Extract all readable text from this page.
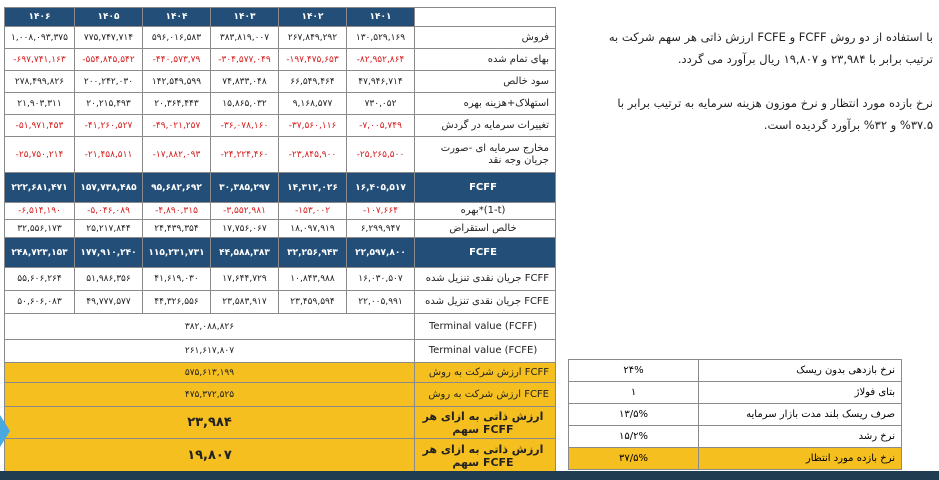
۱۴۰۶	۱۴۰۵	۱۴۰۴	۱۴۰۳	۱۴۰۲	۱۴۰۱	
۱,۰۰۸,۰۹۳,۳۷۵	۷۷۵,۷۴۷,۷۱۴	۵۹۶,۰۱۶,۵۸۳	۳۸۳,۸۱۹,۰۰۷	۲۶۷,۸۴۹,۲۹۲	۱۳۰,۵۲۹,۱۶۹	فروش
-۶۹۷,۷۴۱,۱۶۳	-۵۵۴,۸۴۵,۵۴۲	-۴۴۰,۵۷۳,۷۹	-۳۰۴,۵۷۷,۰۴۹	-۱۹۷,۴۷۵,۶۵۳	-۸۲,۹۵۲,۸۶۴	بهای تمام شده
۲۷۸,۴۹۹,۸۲۶	۲۰۰,۲۴۲,۰۳۰	۱۴۲,۵۴۹,۵۹۹	۷۴,۸۳۳,۰۴۸	۶۶,۵۴۹,۴۶۴	۴۷,۹۴۶,۷۱۴	سود خالص
۲۱,۹۰۳,۳۱۱	۲۰,۲۱۵,۴۹۳	۲۰,۳۶۴,۴۴۳	۱۵,۸۶۵,۰۳۲	۹,۱۶۸,۵۷۷	۷۳۰,۰۵۲	استهلاک+هزینه بهره
-۵۱,۹۷۱,۴۵۳	-۴۱,۲۶۰,۵۲۷	-۴۹,۰۲۱,۲۵۷	-۳۶,۰۷۸,۱۶۰	-۳۷,۵۶۰,۱۱۶	-۷,۰۰۵,۷۴۹	تغییرات سرمایه در گردش
-۲۵,۷۵۰,۲۱۴	-۲۱,۴۵۸,۵۱۱	-۱۷,۸۸۲,۰۹۳	-۲۴,۲۲۴,۴۶۰	-۲۳,۸۴۵,۹۰۰	-۲۵,۲۶۵,۵۰۰	مخارج سرمایه ای -صورت جریان وجه نقد
۲۲۲,۶۸۱,۴۷۱	۱۵۷,۷۳۸,۴۸۵	۹۵,۶۸۲,۶۹۲	۳۰,۳۸۵,۲۹۷	۱۴,۳۱۲,۰۲۶	۱۶,۴۰۵,۵۱۷	FCFF
-۶,۵۱۴,۱۹۰	-۵,۰۴۶,۰۸۹	-۴,۸۹۰,۳۱۵	-۳,۵۵۲,۹۸۱	-۱۵۳,۰۰۲	-۱۰۷,۶۶۴	بهره*(1-t)
۳۲,۵۵۶,۱۷۳	۲۵,۲۱۷,۸۴۴	۲۴,۴۳۹,۳۵۴	۱۷,۷۵۶,۰۶۷	۱۸,۰۹۷,۹۱۹	۶,۲۹۹,۹۴۷	خالص استقراض
۲۴۸,۷۲۳,۱۵۳	۱۷۷,۹۱۰,۲۴۰	۱۱۵,۲۳۱,۷۳۱	۴۴,۵۸۸,۳۸۳	۳۲,۲۵۶,۹۴۳	۲۲,۵۹۷,۸۰۰	FCFE
۵۵,۶۰۶,۲۶۴	۵۱,۹۸۶,۳۵۶	۴۱,۶۱۹,۰۳۰	۱۷,۶۴۴,۷۲۹	۱۰,۸۴۳,۹۸۸	۱۶,۰۳۰,۵۰۷	جریان نقدی تنزیل شده FCFF
۵۰,۶۰۶,۰۸۳	۴۹,۷۷۷,۵۷۷	۴۴,۳۲۶,۵۵۶	۲۳,۵۸۳,۹۱۷	۲۳,۴۵۹,۵۹۴	۲۲,۰۰۵,۹۹۱	جریان نقدی تنزیل شده FCFE
۳۸۲,۰۸۸,۸۲۶						Terminal value (FCFF)
۲۶۱,۶۱۷,۸۰۷						Terminal value (FCFE)
۵۷۵,۶۱۳,۱۹۹						ارزش شرکت به روش FCFF
۴۷۵,۳۷۲,۵۲۵						ارزش شرکت به روش FCFE
۲۳,۹۸۴						ارزش ذاتی به ازای هر سهم FCFF
۱۹,۸۰۷						ارزش ذاتی به ازای هر سهم FCFE

با استفاده از دو روش FCFF و FCFE ارزش ذاتی هر سهم شرکت به ترتیب برابر با ۲۳,۹۸۴ و ۱۹,۸۰۷ ریال برآورد می گردد.

نرخ بازده مورد انتظار و نرخ موزون هزینه سرمایه به ترتیب برابر با ۳۷.۵% و ۳۲% برآورد گردیده است.

۲۴%	نرخ بازدهی بدون ریسک
۱	بتای فولاژ
۱۳/۵%	صرف ریسک بلند مدت بازار سرمایه
۱۵/۲%	نرخ رشد
۳۷/۵%	نرخ بازده مورد انتظار
